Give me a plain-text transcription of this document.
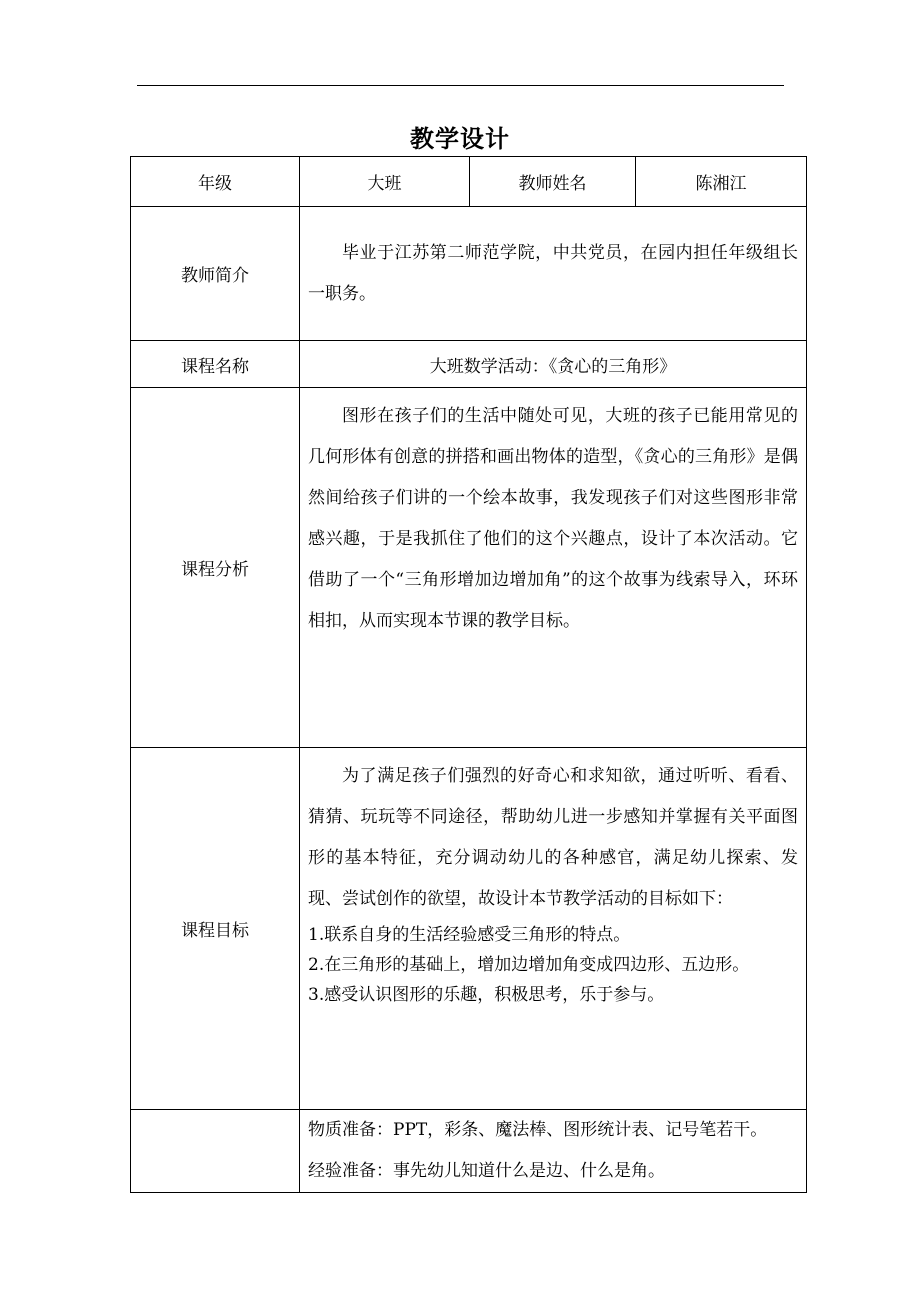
教学设计
年级	大班	教师姓名	陈湘江
教师简介	毕业于江苏第二师范学院，中共党员，在园内担任年级组长一职务。		

课程名称	大班数学活动：《贪心的三角形》		
课程分析	图形在孩子们的生活中随处可见，大班的孩子已能用常见的几何形体有创意的拼搭和画出物体的造型，《贪心的三角形》是偶然间给孩子们讲的一个绘本故事，我发现孩子们对这些图形非常感兴趣，于是我抓住了他们的这个兴趣点，设计了本次活动。它借助了一个“三角形增加边增加角”的这个故事为线索导入，环环相扣，从而实现本节课的教学目标。		

课程目标	为了满足孩子们强烈的好奇心和求知欲，通过听听、看看、猜猜、玩玩等不同途径，帮助幼儿进一步感知并掌握有关平面图形的基本特征，充分调动幼儿的各种感官，满足幼儿探索、发现、尝试创作的欲望，故设计本节教学活动的目标如下：

1.联系自身的生活经验感受三角形的特点。

2.在三角形的基础上，增加边增加角变成四边形、五边形。

3.感受认识图形的乐趣，积极思考，乐于参与。		

	物质准备：PPT，彩条、魔法棒、图形统计表、记号笔若干。

经验准备：事先幼儿知道什么是边、什么是角。		
